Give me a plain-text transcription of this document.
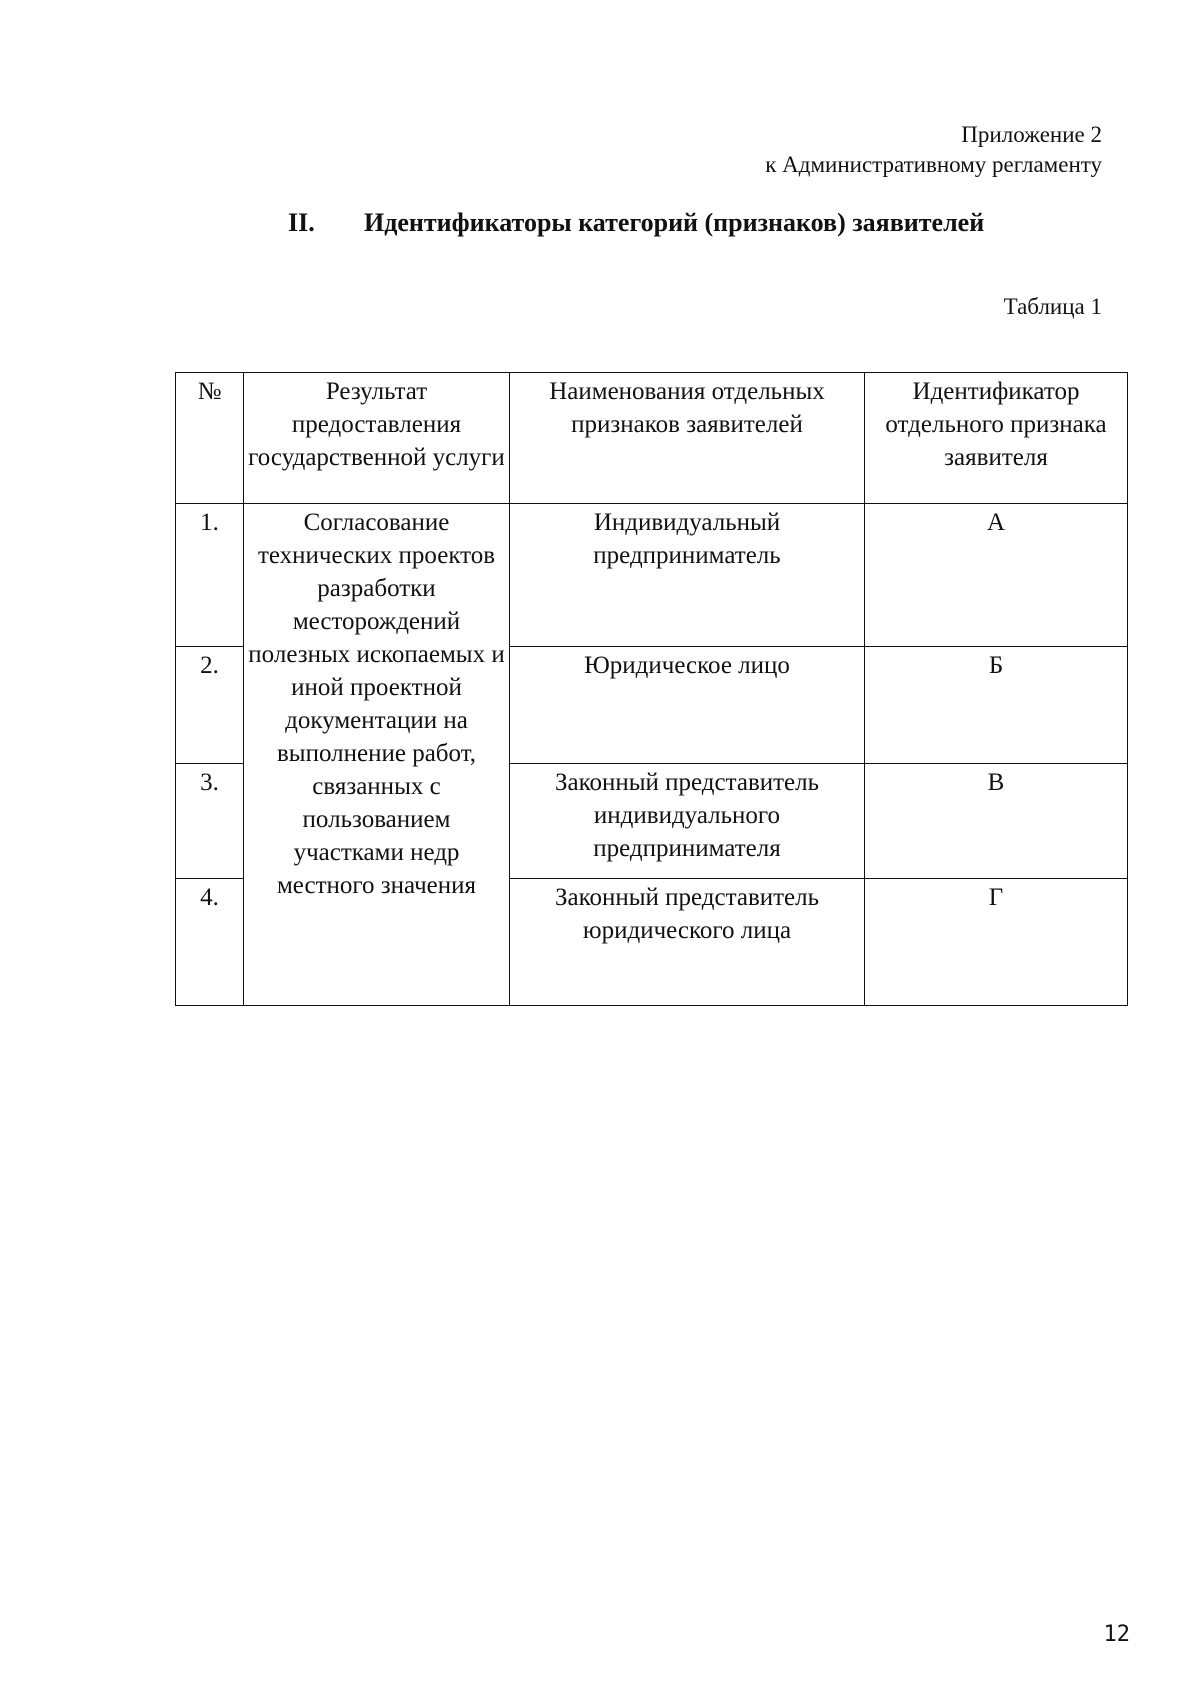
Приложение 2
к Административному регламенту
II. Идентификаторы категорий (признаков) заявителей
Таблица 1
№	Результат предоставления государственной услуги	Наименования отдельных признаков заявителей	Идентификатор отдельного признака заявителя
1.	Согласование технических проектов разработки месторождений полезных ископаемых и иной проектной документации на выполнение работ, связанных с пользованием участками недр местного значения	Индивидуальный предприниматель	А
2.		Юридическое лицо	Б
3.		Законный представитель индивидуального предпринимателя	В
4.		Законный представитель юридического лица	Г
12
